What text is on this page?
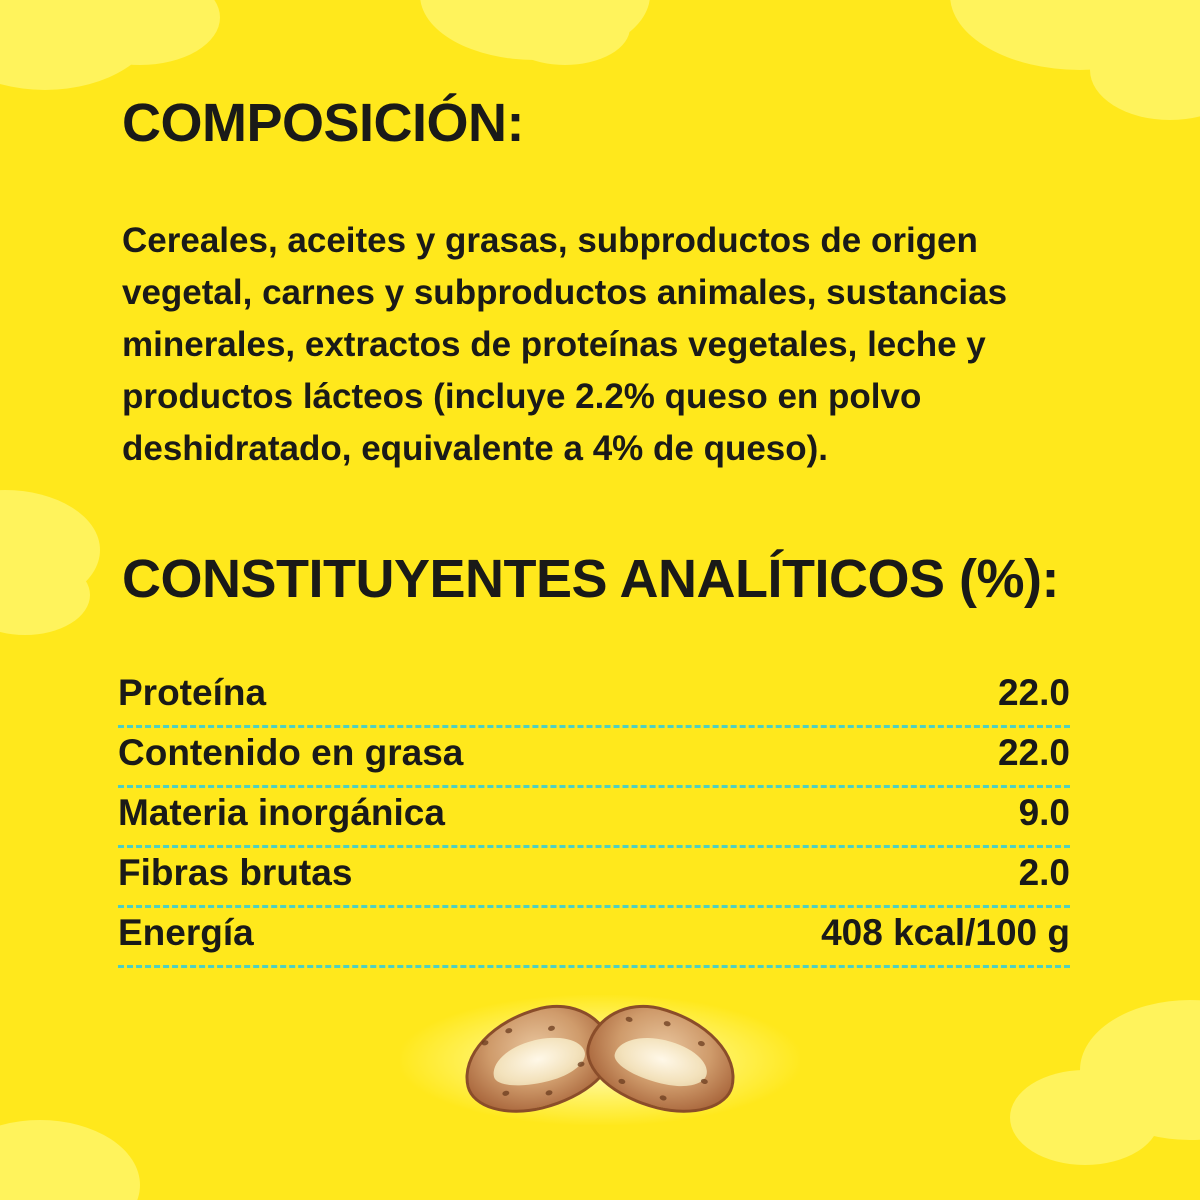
COMPOSICIÓN:
Cereales, aceites y grasas, subproductos de origen vegetal, carnes y subproductos animales, sustancias minerales, extractos de proteínas vegetales, leche y productos lácteos (incluye 2.2% queso en polvo deshidratado, equivalente a 4% de queso).
CONSTITUYENTES ANALÍTICOS (%):
Proteína	22.0
Contenido en grasa	22.0
Materia inorgánica	9.0
Fibras brutas	2.0
Energía	408 kcal/100 g
